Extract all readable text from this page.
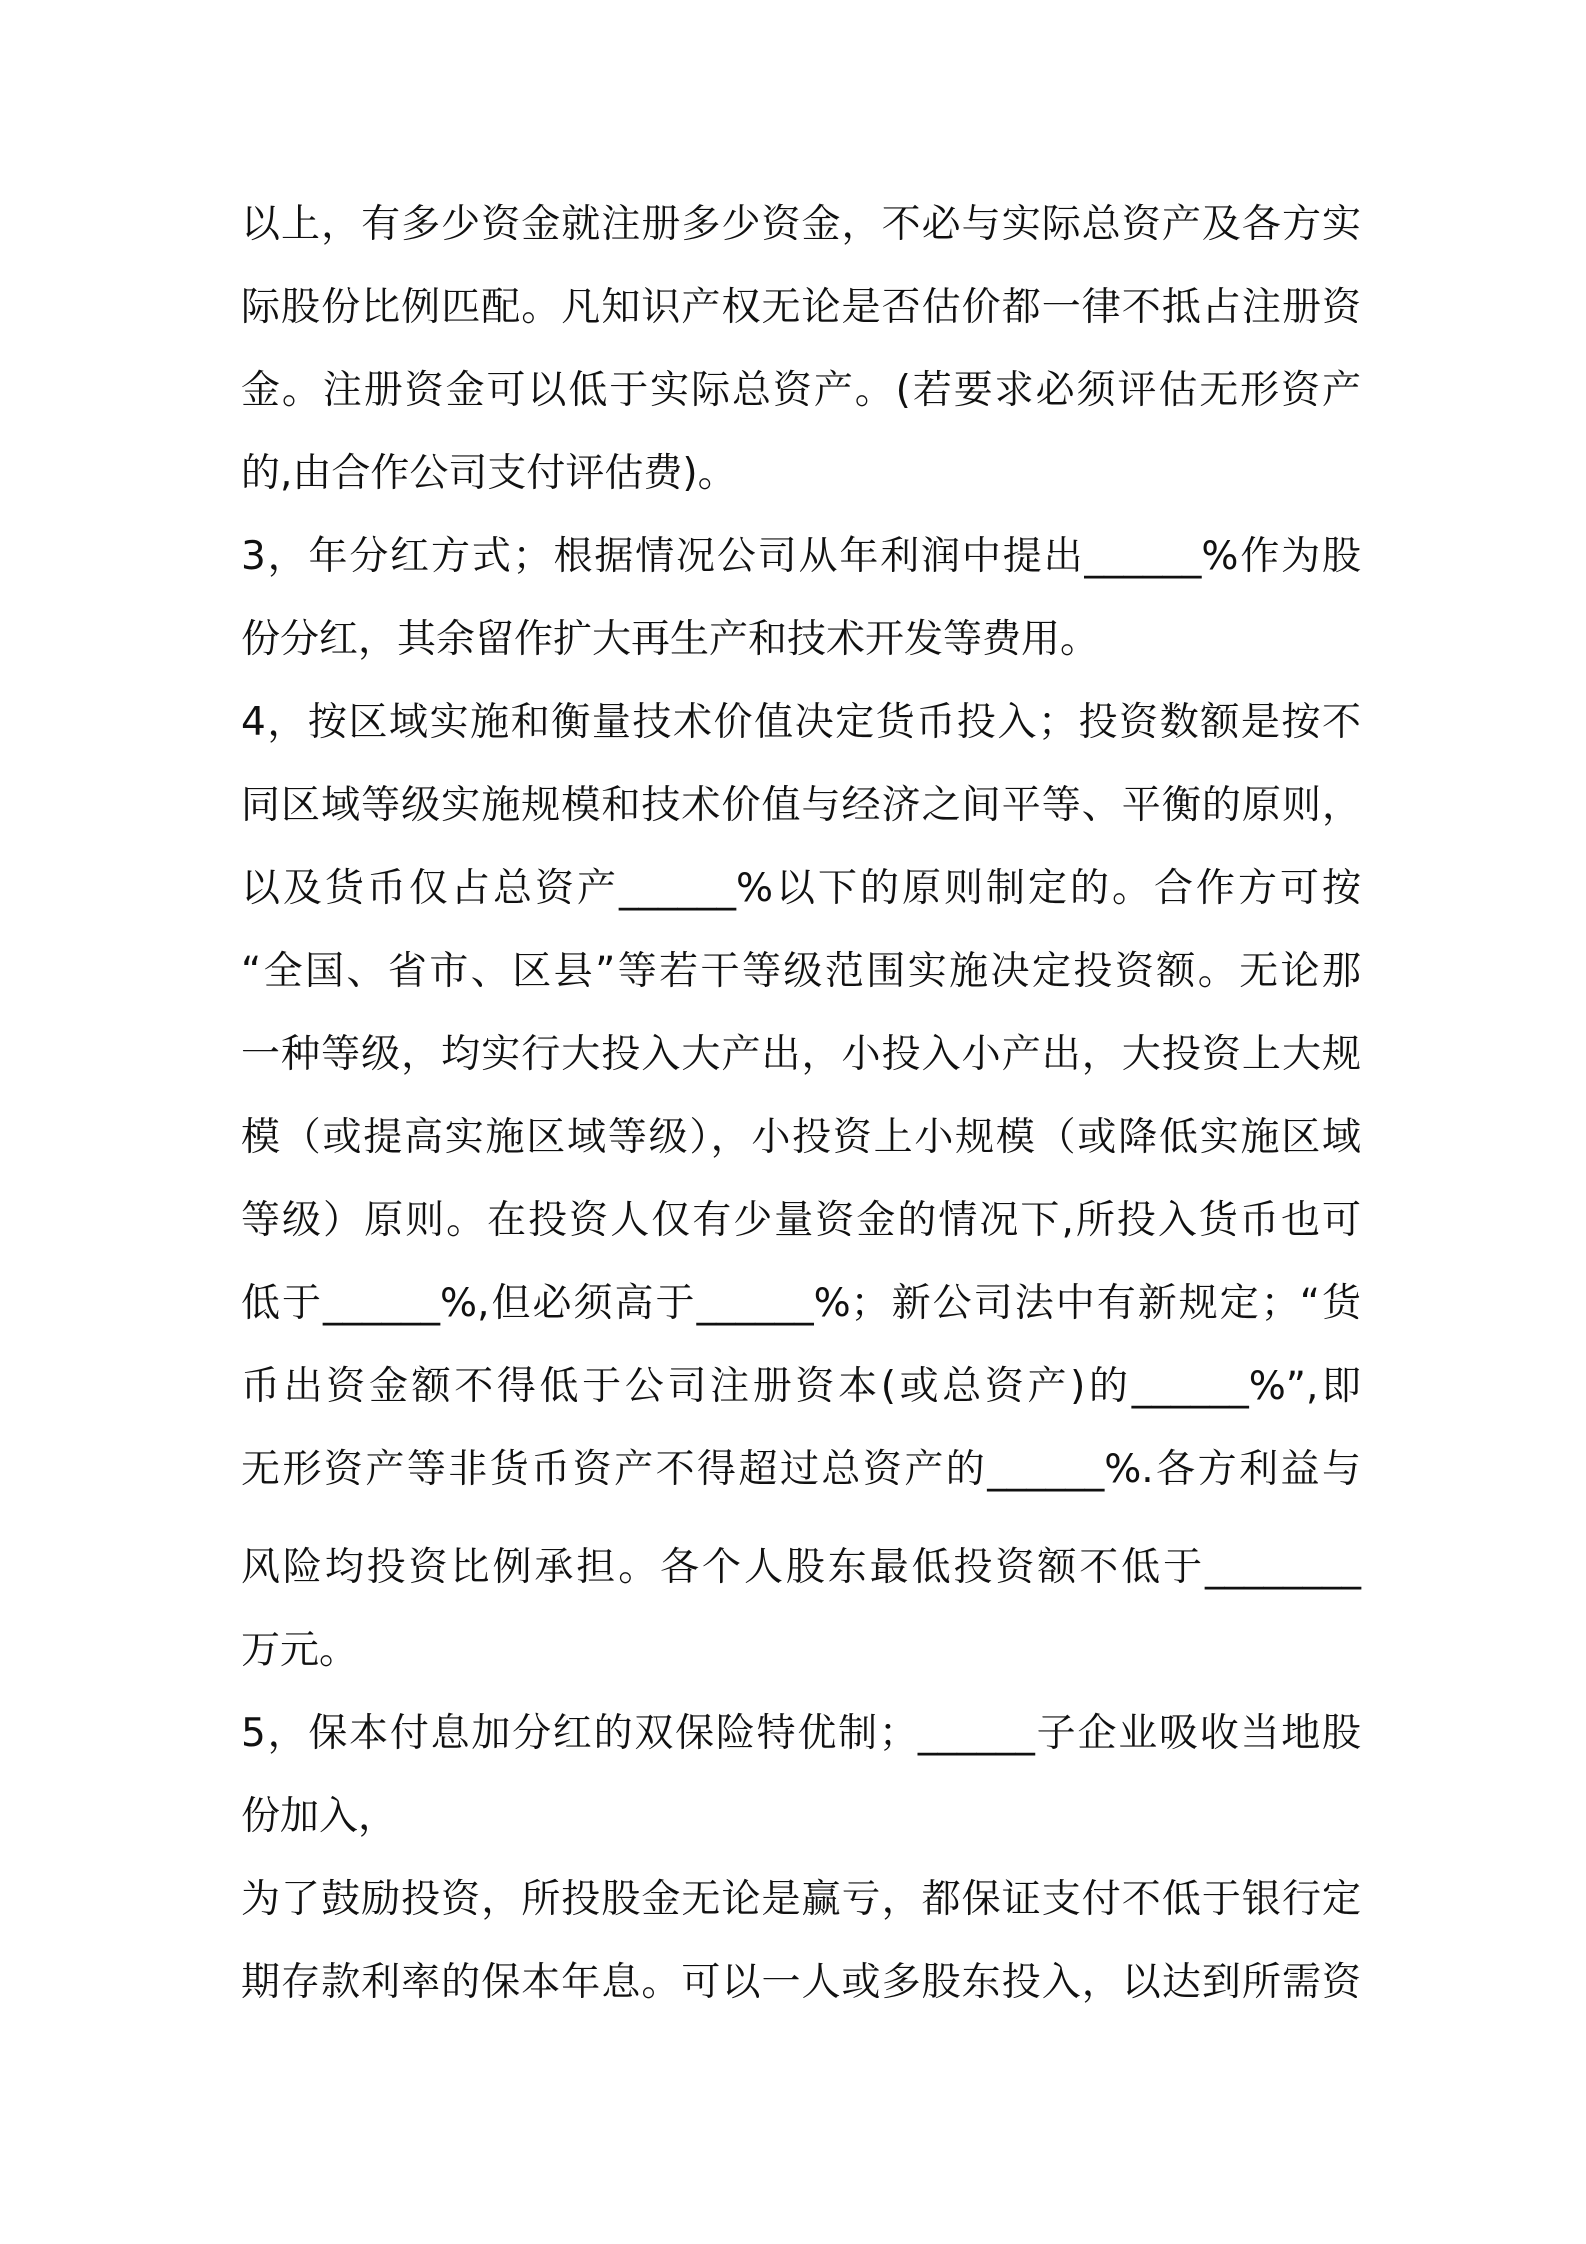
以上，有多少资金就注册多少资金，不必与实际总资产及各方实
际股份比例匹配。凡知识产权无论是否估价都一律不抵占注册资
金。注册资金可以低于实际总资产。(若要求必须评估无形资产
的,由合作公司支付评估费)。
3，年分红方式；根据情况公司从年利润中提出______%作为股
份分红，其余留作扩大再生产和技术开发等费用。
4，按区域实施和衡量技术价值决定货币投入；投资数额是按不
同区域等级实施规模和技术价值与经济之间平等、平衡的原则，
以及货币仅占总资产______%以下的原则制定的。合作方可按
“全国、省市、区县”等若干等级范围实施决定投资额。无论那
一种等级，均实行大投入大产出，小投入小产出，大投资上大规
模（或提高实施区域等级），小投资上小规模（或降低实施区域
等级）原则。在投资人仅有少量资金的情况下,所投入货币也可
低于______%,但必须高于______%；新公司法中有新规定；“货
币出资金额不得低于公司注册资本(或总资产)的______%”,即
无形资产等非货币资产不得超过总资产的______%.各方利益与
风险均投资比例承担。各个人股东最低投资额不低于________
万元。
5，保本付息加分红的双保险特优制；______子企业吸收当地股
份加入，
为了鼓励投资，所投股金无论是赢亏，都保证支付不低于银行定
期存款利率的保本年息。可以一人或多股东投入，以达到所需资
